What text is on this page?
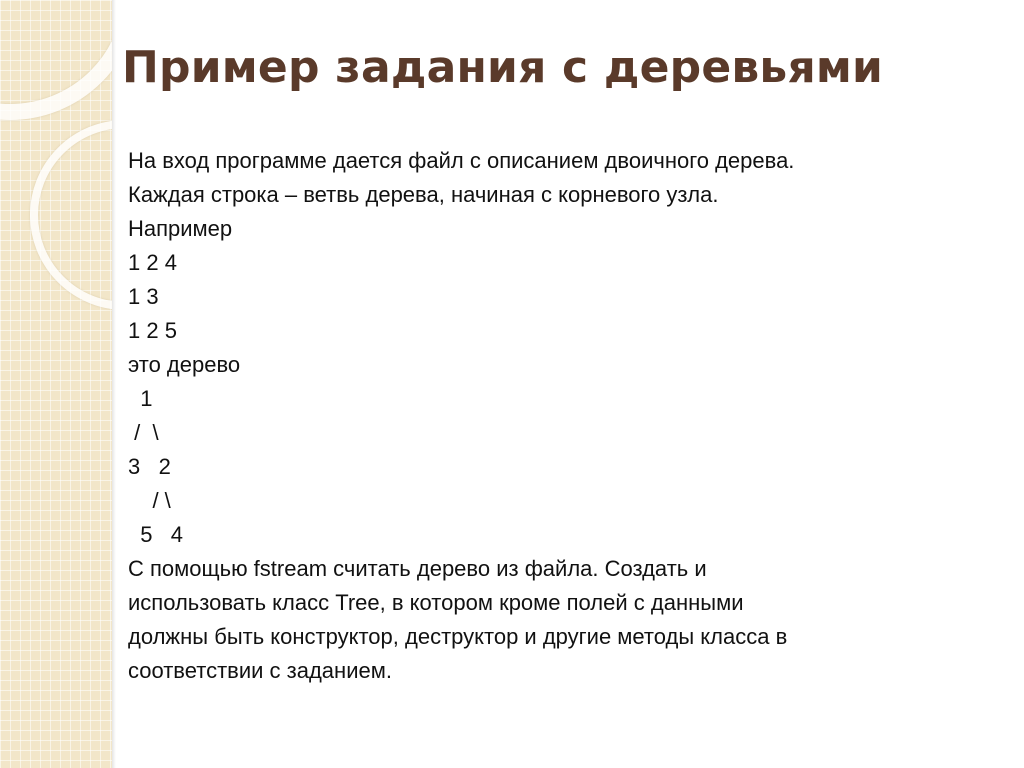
Пример задания с деревьями
На вход программе дается файл с описанием двоичного дерева.
Каждая строка – ветвь дерева, начиная с корневого узла.
Например
1 2 4
1 3
1 2 5
это дерево
1
/  \
3   2
/ \
5   4
С помощью fstream считать дерево из файла. Создать и
использовать класс Tree, в котором кроме полей с данными
должны быть конструктор, деструктор и другие методы класса в
соответствии с заданием.
